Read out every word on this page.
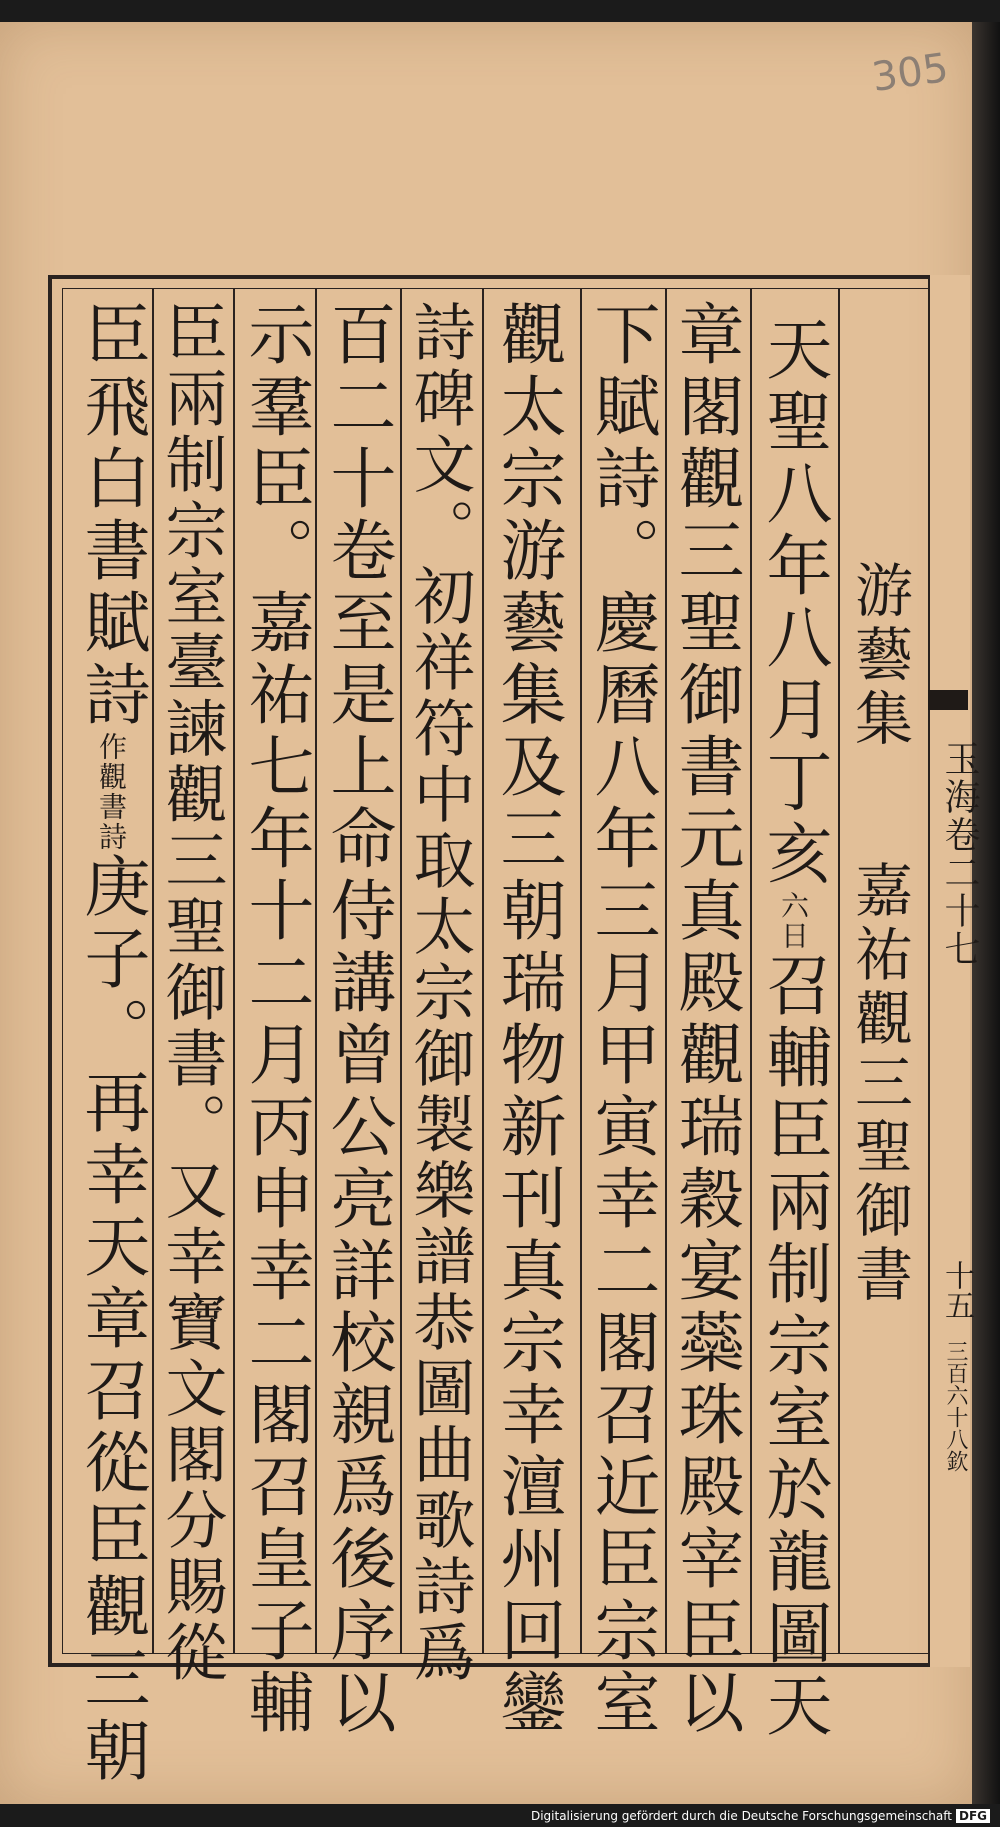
305
游藝集
嘉祐觀三聖御書
天聖八年八月丁亥六日召輔臣兩制宗室於龍圖天
章閣觀三聖御書元真殿觀瑞穀宴蘂珠殿宰臣以
下賦詩。慶曆八年三月甲寅幸二閣召近臣宗室
觀太宗游藝集及三朝瑞物新刊真宗幸澶州回鑾
詩碑文。初祥符中取太宗御製樂譜恭圖曲歌詩爲
百二十卷至是上命侍講曾公亮詳校親爲後序以
示羣臣。嘉祐七年十二月丙申幸二閣召皇子輔
臣兩制宗室臺諫觀三聖御書。又幸寶文閣分賜從
臣飛白書賦詩作觀書詩庚子。再幸天章召從臣觀三朝	玉海卷二十七
十五
三百六十八欽
Digitalisierung gefördert durch die Deutsche Forschungsgemeinschaft DFG
